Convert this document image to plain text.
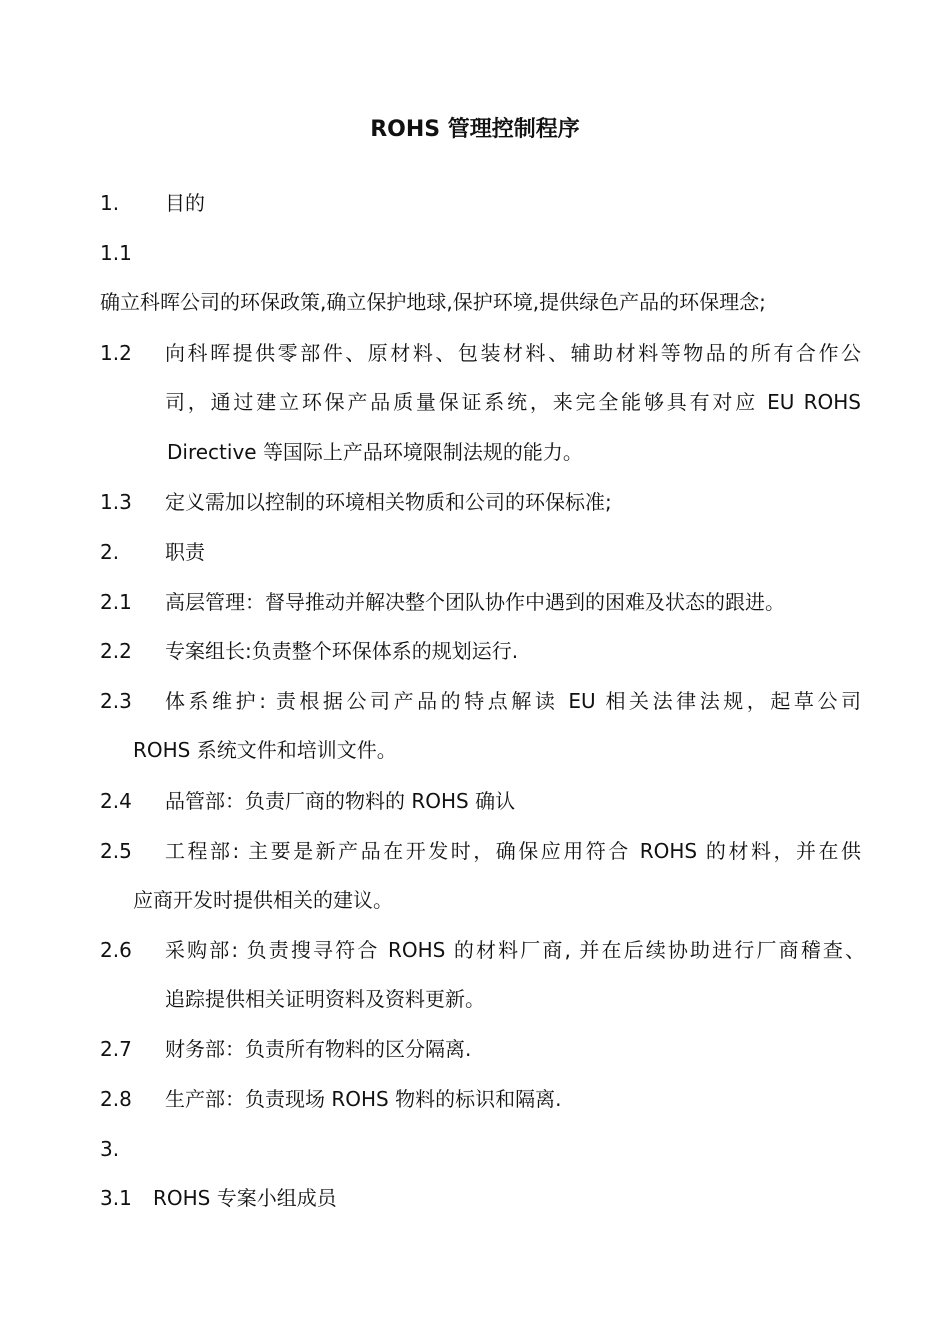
ROHS 管理控制程序
1. 目的
1.1
确立科晖公司的环保政策,确立保护地球,保护环境,提供绿色产品的环保理念;
1.2 向科晖提供零部件、原材料、包装材料、辅助材料等物品的所有合作公
司，通过建立环保产品质量保证系统，来完全能够具有对应 EU ROHS
Directive 等国际上产品环境限制法规的能力。
1.3 定义需加以控制的环境相关物质和公司的环保标准;
2. 职责
2.1 高层管理：督导推动并解决整个团队协作中遇到的困难及状态的跟进。
2.2 专案组长:负责整个环保体系的规划运行.
2.3 体系维护: 责根据公司产品的特点解读 EU 相关法律法规，起草公司
ROHS 系统文件和培训文件。
2.4 品管部：负责厂商的物料的 ROHS 确认
2.5 工程部: 主要是新产品在开发时，确保应用符合 ROHS 的材料，并在供
应商开发时提供相关的建议。
2.6 采购部: 负责搜寻符合 ROHS 的材料厂商, 并在后续协助进行厂商稽查、
追踪提供相关证明资料及资料更新。
2.7 财务部：负责所有物料的区分隔离.
2.8 生产部：负责现场 ROHS 物料的标识和隔离.
3.
3.1 ROHS 专案小组成员
